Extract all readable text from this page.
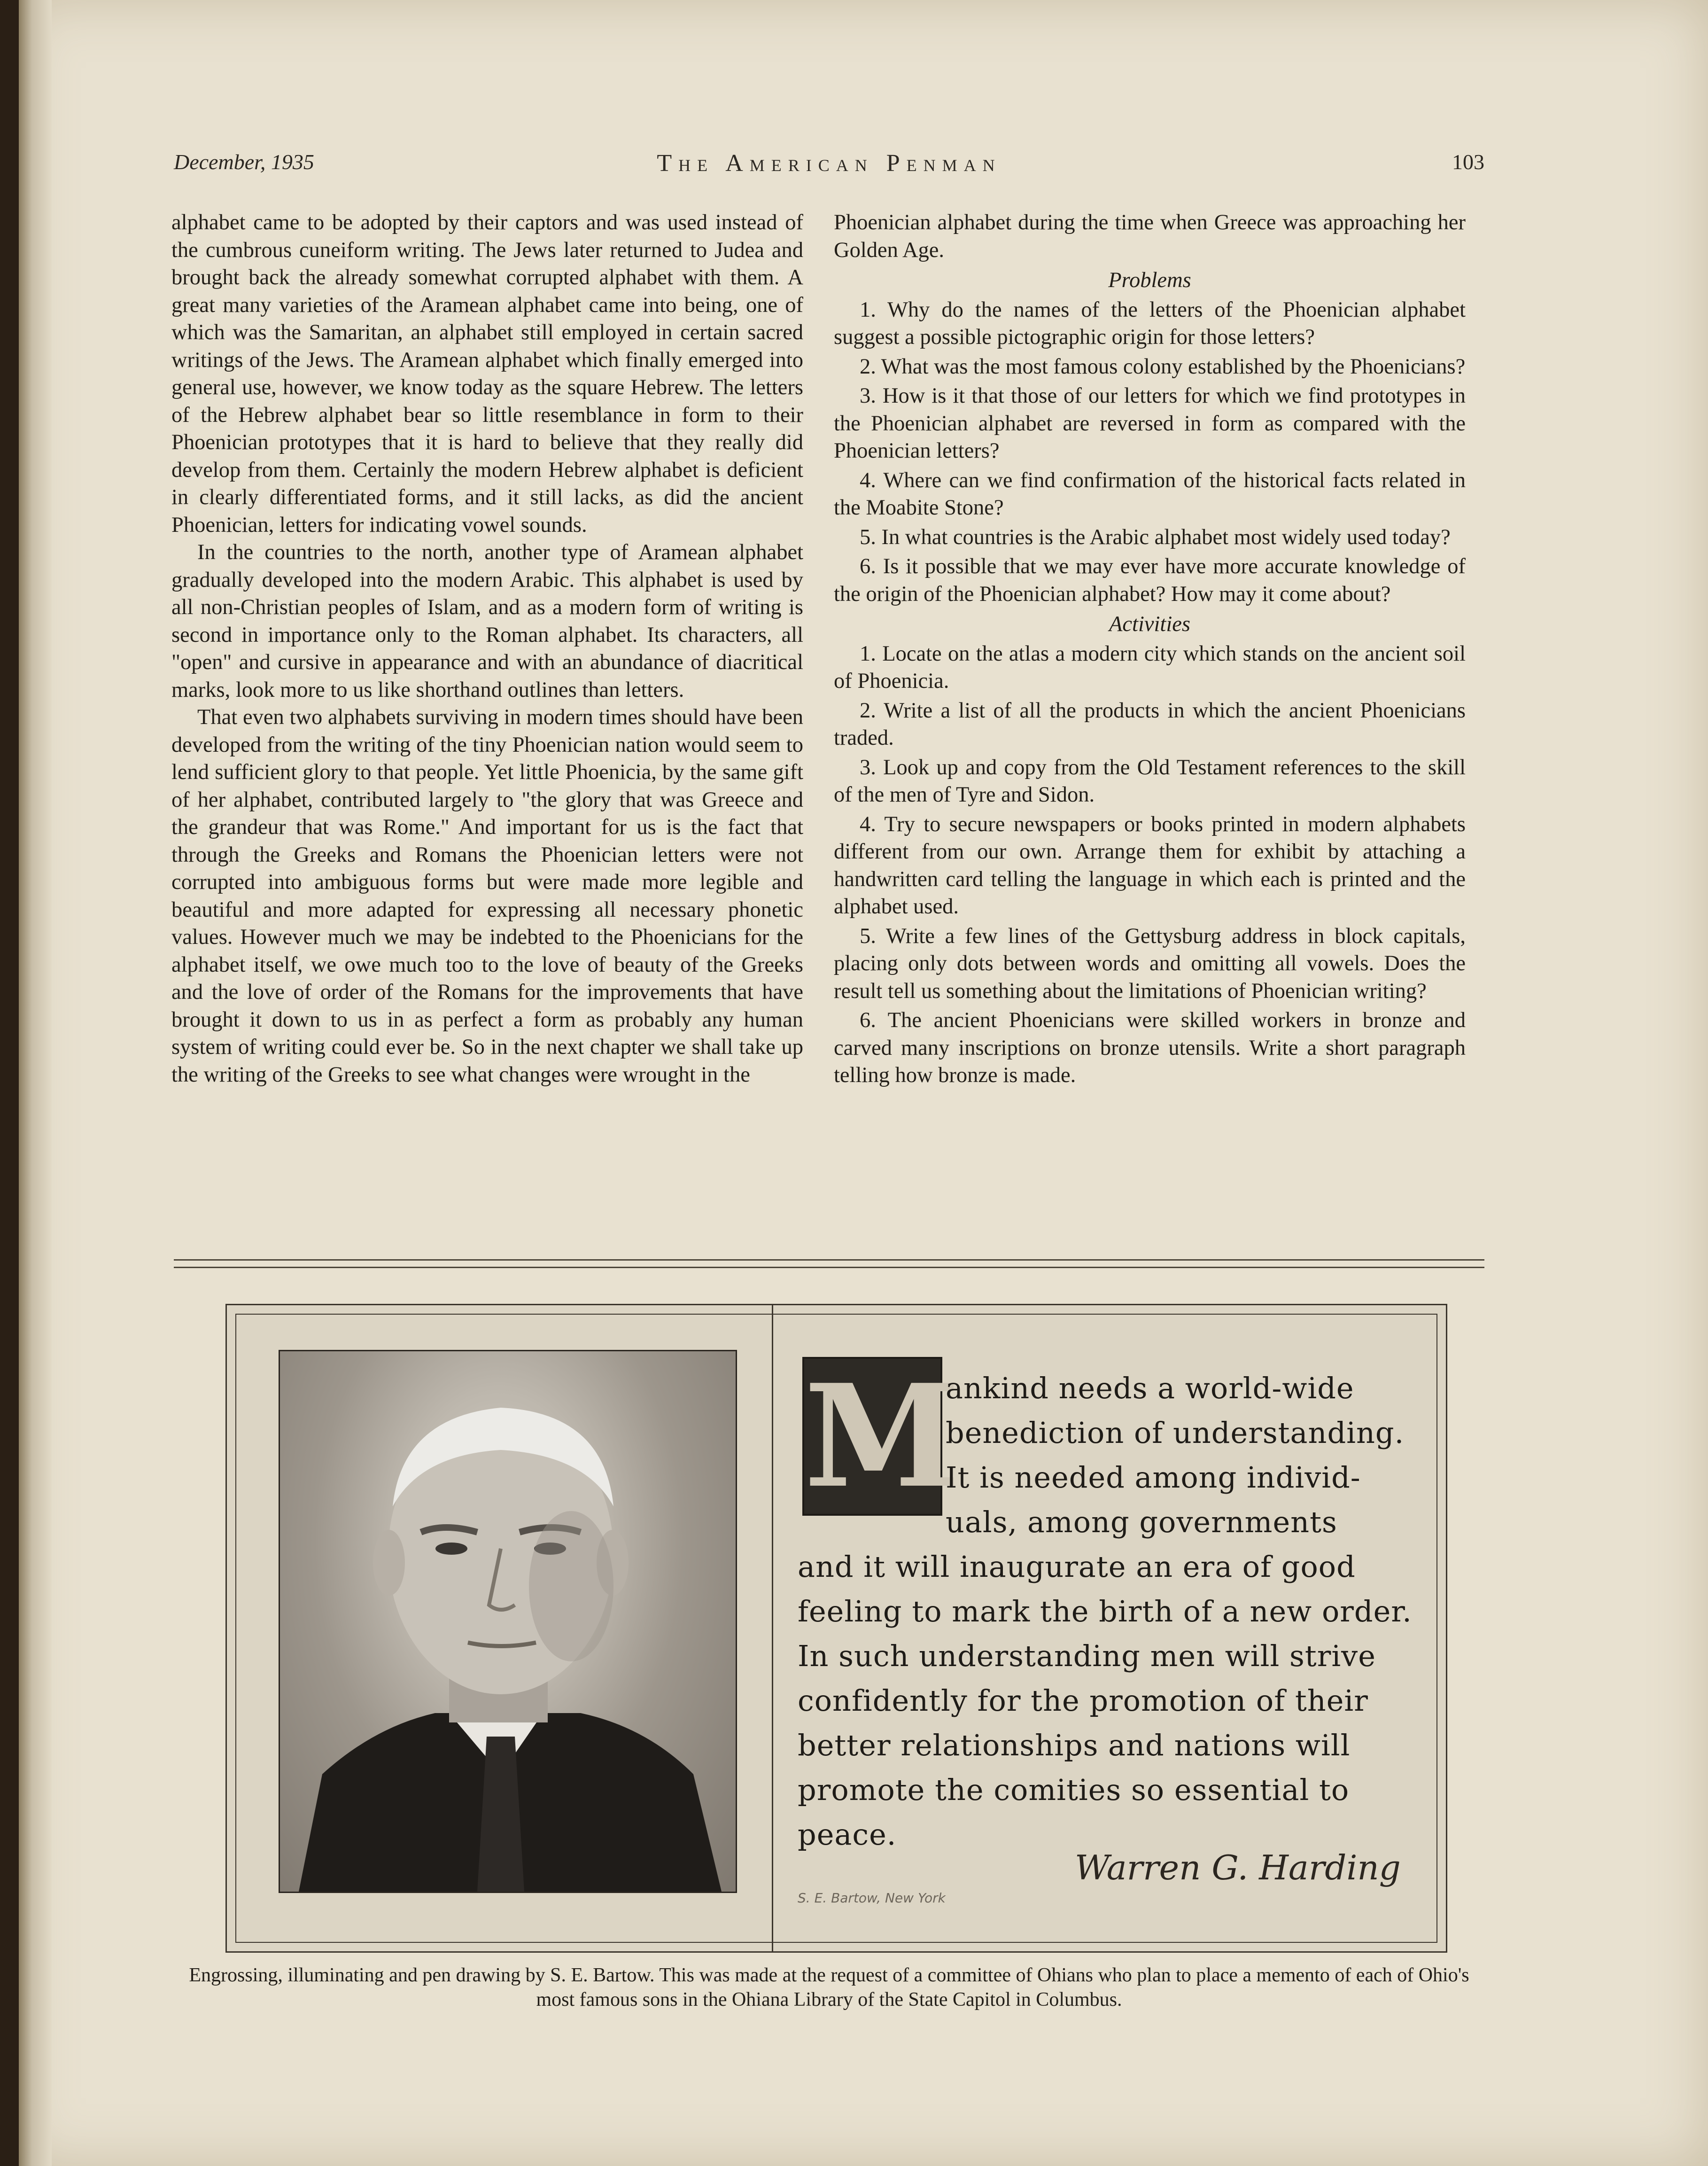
December, 1935	The American Penman	103

alphabet came to be adopted by their captors and was used instead of the cumbrous cuneiform writing. The Jews later returned to Judea and brought back the already somewhat corrupted alphabet with them. A great many varieties of the Aramean alphabet came into being, one of which was the Samaritan, an alphabet still employed in certain sacred writings of the Jews. The Aramean alphabet which finally emerged into general use, however, we know today as the square Hebrew. The letters of the Hebrew alphabet bear so little resemblance in form to their Phoenician prototypes that it is hard to believe that they really did develop from them. Certainly the modern Hebrew alphabet is deficient in clearly differentiated forms, and it still lacks, as did the ancient Phoenician, letters for indicating vowel sounds.

In the countries to the north, another type of Aramean alphabet gradually developed into the modern Arabic. This alphabet is used by all non-Christian peoples of Islam, and as a modern form of writing is second in importance only to the Roman alphabet. Its characters, all "open" and cursive in appearance and with an abundance of diacritical marks, look more to us like shorthand outlines than letters.

That even two alphabets surviving in modern times should have been developed from the writing of the tiny Phoenician nation would seem to lend sufficient glory to that people. Yet little Phoenicia, by the same gift of her alphabet, contributed largely to "the glory that was Greece and the grandeur that was Rome." And important for us is the fact that through the Greeks and Romans the Phoenician letters were not corrupted into ambiguous forms but were made more legible and beautiful and more adapted for expressing all necessary phonetic values. However much we may be indebted to the Phoenicians for the alphabet itself, we owe much too to the love of beauty of the Greeks and the love of order of the Romans for the improvements that have brought it down to us in as perfect a form as probably any human system of writing could ever be. So in the next chapter we shall take up the writing of the Greeks to see what changes were wrought in the

Phoenician alphabet during the time when Greece was approaching her Golden Age.

Problems

1. Why do the names of the letters of the Phoenician alphabet suggest a possible pictographic origin for those letters?

2. What was the most famous colony established by the Phoenicians?

3. How is it that those of our letters for which we find prototypes in the Phoenician alphabet are reversed in form as compared with the Phoenician letters?

4. Where can we find confirmation of the historical facts related in the Moabite Stone?

5. In what countries is the Arabic alphabet most widely used today?

6. Is it possible that we may ever have more accurate knowledge of the origin of the Phoenician alphabet? How may it come about?

Activities

1. Locate on the atlas a modern city which stands on the ancient soil of Phoenicia.

2. Write a list of all the products in which the ancient Phoenicians traded.

3. Look up and copy from the Old Testament references to the skill of the men of Tyre and Sidon.

4. Try to secure newspapers or books printed in modern alphabets different from our own. Arrange them for exhibit by attaching a handwritten card telling the language in which each is printed and the alphabet used.

5. Write a few lines of the Gettysburg address in block capitals, placing only dots between words and omitting all vowels. Does the result tell us something about the limitations of Phoenician writing?

6. The ancient Phoenicians were skilled workers in bronze and carved many inscriptions on bronze utensils. Write a short paragraph telling how bronze is made.

M
ankind needs a world-wide
benediction of understanding.
It is needed among individ-
uals, among governments
and it will inaugurate an era of good
feeling to mark the birth of a new order.
In such understanding men will strive
confidently for the promotion of their
better relationships and nations will
promote the comities so essential to
peace.
Warren G. Harding
S. E. Bartow, New York
Engrossing, illuminating and pen drawing by S. E. Bartow. This was made at the request of a committee of Ohians who plan to place a memento of each of Ohio's most famous sons in the Ohiana Library of the State Capitol in Columbus.
